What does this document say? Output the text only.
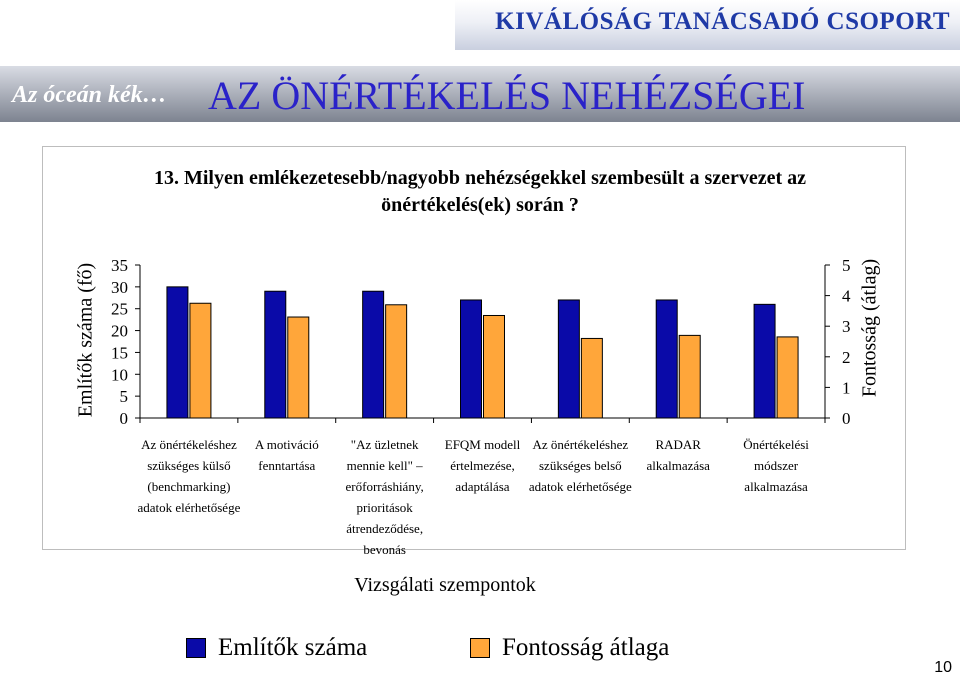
KIVÁLÓSÁG TANÁCSADÓ CSOPORT
Az óceán kék… AZ ÖNÉRTÉKELÉS NEHÉZSÉGEI
13. Milyen emlékezetesebb/nagyobb nehézségekkel szembesült a szervezet az önértékelés(ek) során ?
35
30
25
20
15
10
5
0
5
4
3
2
1
0
Az önértékeléshez szükséges külső (benchmarking) adatok elérhetősége
A motiváció fenntartása
"Az üzletnek mennie kell" – erőforráshiány, prioritások átrendeződése, bevonás
EFQM modell értelmezése, adaptálása
Az önértékeléshez szükséges belső adatok elérhetősége
RADAR alkalmazása
Önértékelési módszer alkalmazása
Vizsgálati szempontok
Említők száma (fő)	Fontosság (átlag)
Említők száma	Fontosság átlaga
10
